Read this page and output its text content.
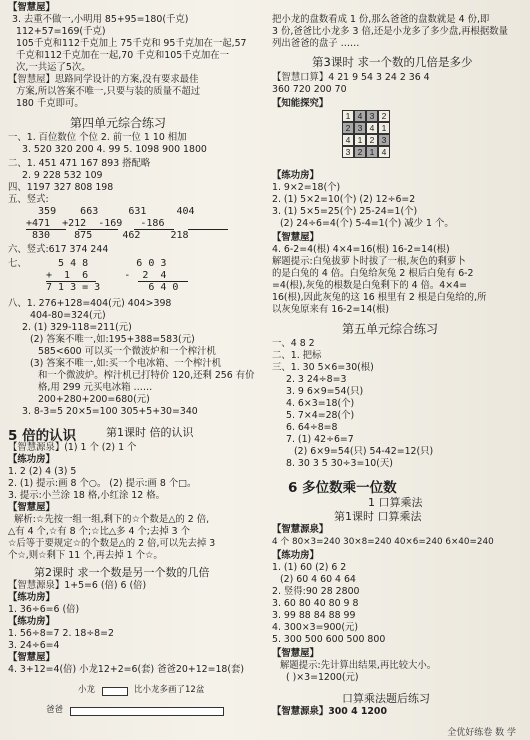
【智慧屋】
3. 去重不做一,小明用 85+95=180(千克)
112+57=169(千克)
105千克和112千克加上 75千克和 95千克加在一起,57
千克和112千克加在一起,70 千克和105千克加在一
次,一共运了5次。
【智慧屋】思路同学设计的方案,没有要求最佳
方案,所以答案不唯一,只要与装的质量不超过
180 千克即可。
第四单元综合练习
一、1. 百位数位 个位 2. 前一位 1 10 相加
3. 520 320 200 4. 99 5. 1098 900 1800
二、1. 451 471 167 893 搭配略
2. 9 228 532 109
四、1197 327 808 198
五、竖式:
359    663     631     404
+471  +212  -169   -186
830    875     462     218
六、竖式:617 374 244
七、	5 4 8        6 0 3
+  1  6      -  2  4
7 1 3 = 3        6 4 0
八、1. 276+128=404(元) 404>398
404-80=324(元)
2. (1) 329-118=211(元)
(2) 答案不唯一,如:195+388=583(元)
585<600 可以买一个微波炉和一个榨汁机
(3) 答案不唯一,如:买一个电冰箱、一个榨汁机
和一个微波炉。榨汁机已打特价 120,还剩 256 有价
格,用 299 元买电冰箱 ……
200+280+200=680(元)
3. 8-3=5 20×5=100 305+5+30=340
5 倍的认识	第1课时 倍的认识
【智慧源泉】(1) 1 个 (2) 1 个
【练功房】
1. 2 (2) 4 (3) 5
2. (1) 提示:画 8 个○。 (2) 提示:画 8 个□。
3. 提示:小兰涂 18 格,小红涂 12 格。
【智慧屋】
解析:☆先按一组一组,剩下的☆个数是△的 2 倍,
△有 4 个,☆有 8 个;☆比△多 4 个;去掉 3 个
☆后等于要规定☆的个数是△的 2 倍,可以先去掉 3
个☆,则☆剩下 11 个,再去掉 1 个☆。
第2课时 求一个数是另一个数的几倍
【智慧源泉】1+5=6 (倍) 6 (倍)
【练功房】
1. 36÷6=6 (倍)
【练功房】
1. 56÷8=7 2. 18÷8=2
3. 24÷6=4
【智慧屋】
4. 3+12=4(倍) 小龙12+2=6(套) 爸爸20+12=18(套)
小龙	比小龙多画了12盆
爸爸
把小龙的盘数看成 1 份,那么爸爸的盘数就是 4 份,即
3 份,爸爸比小龙多 3 倍,还是小龙多了多少盘,再根据数量
列出爸爸的盘子 ……
第3课时 求一个数的几倍是多少
【智慧口算】4 21 9 54 3 24 2 36 4
360 720 200 70
【知能探究】
1 4 3 2
2 3 4 1
4 1 2 3
3 2 1 4
【练功房】
1. 9×2=18(个)
2. (1) 5×2=10(个) (2) 12÷6=2
3. (1) 5×5=25(个) 25-24=1(个)
(2) 24÷6=4(个) 5-4=1(个) 减少 1 个。
【智慧屋】
4. 6-2=4(根) 4×4=16(根) 16-2=14(根)
解题提示:白兔拔萝卜时拔了一根,灰色的剩萝卜
的是白兔的 4 倍。白兔给灰兔 2 根后白兔有 6-2
=4(根),灰兔的根数是白兔剩下的 4 倍。4×4=
16(根),因此灰兔的这 16 根里有 2 根是白兔给的,所
以灰兔原来有 16-2=14(根)
第五单元综合练习
一、4 8 2
二、1. 把标
三、1. 30 5×6=30(根)
2. 3 24÷8=3
3. 9 6×9=54(只)
4. 6×3=18(个)
5. 7×4=28(个)
6. 64÷8=8
7. (1) 42÷6=7
(2) 6×9=54(只) 54-42=12(只)
8. 30 3 5 30÷3=10(天)
6 多位数乘一位数
1 口算乘法
第1课时 口算乘法
【智慧源泉】
4 个 80×3=240 30×8=240 40×6=240 6×40=240
【练功房】
1. (1) 60 (2) 6 2
(2) 60 4 60 4 64
2. 竖得:90 28 2800
3. 60 80 40 80 9 8
3. 99 88 84 88 99
4. 300×3=900(元)
5. 300 500 600 500 800
【智慧屋】
解题提示:先计算出结果,再比较大小。
( )×3=1200(元)
口算乘法题后练习
【智慧源泉】300 4 1200
全优好练卷 数 学
